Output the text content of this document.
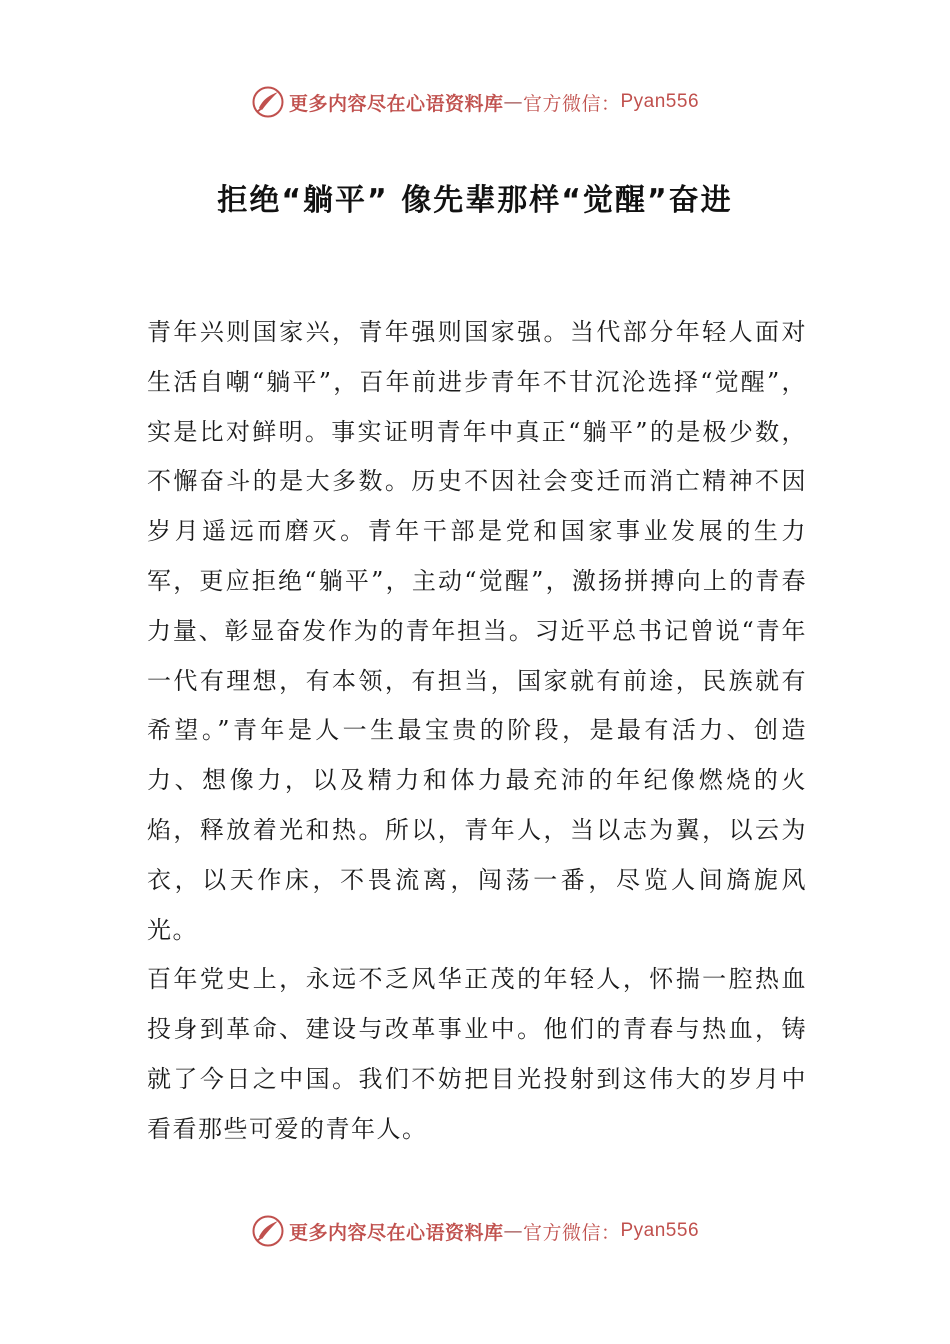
更多内容尽在心语资料库 — 官方微信： Pyan556
拒绝“躺平” 像先辈那样“觉醒”奋进

青年兴则国家兴，青年强则国家强。当代部分年轻人面对生活自嘲“躺平”，百年前进步青年不甘沉沦选择“觉醒”，实是比对鲜明。事实证明青年中真正“躺平”的是极少数，不懈奋斗的是大多数。历史不因社会变迁而消亡精神不因岁月遥远而磨灭。青年干部是党和国家事业发展的生力军，更应拒绝“躺平”，主动“觉醒”，激扬拼搏向上的青春力量、彰显奋发作为的青年担当。习近平总书记曾说“青年一代有理想，有本领，有担当，国家就有前途，民族就有希望。”青年是人一生最宝贵的阶段，是最有活力、创造力、想像力，以及精力和体力最充沛的年纪像燃烧的火焰，释放着光和热。所以，青年人，当以志为翼，以云为衣，以天作床，不畏流离，闯荡一番，尽览人间旖旎风光。

百年党史上，永远不乏风华正茂的年轻人，怀揣一腔热血投身到革命、建设与改革事业中。他们的青春与热血，铸就了今日之中国。我们不妨把目光投射到这伟大的岁月中看看那些可爱的青年人。

更多内容尽在心语资料库 — 官方微信： Pyan556
